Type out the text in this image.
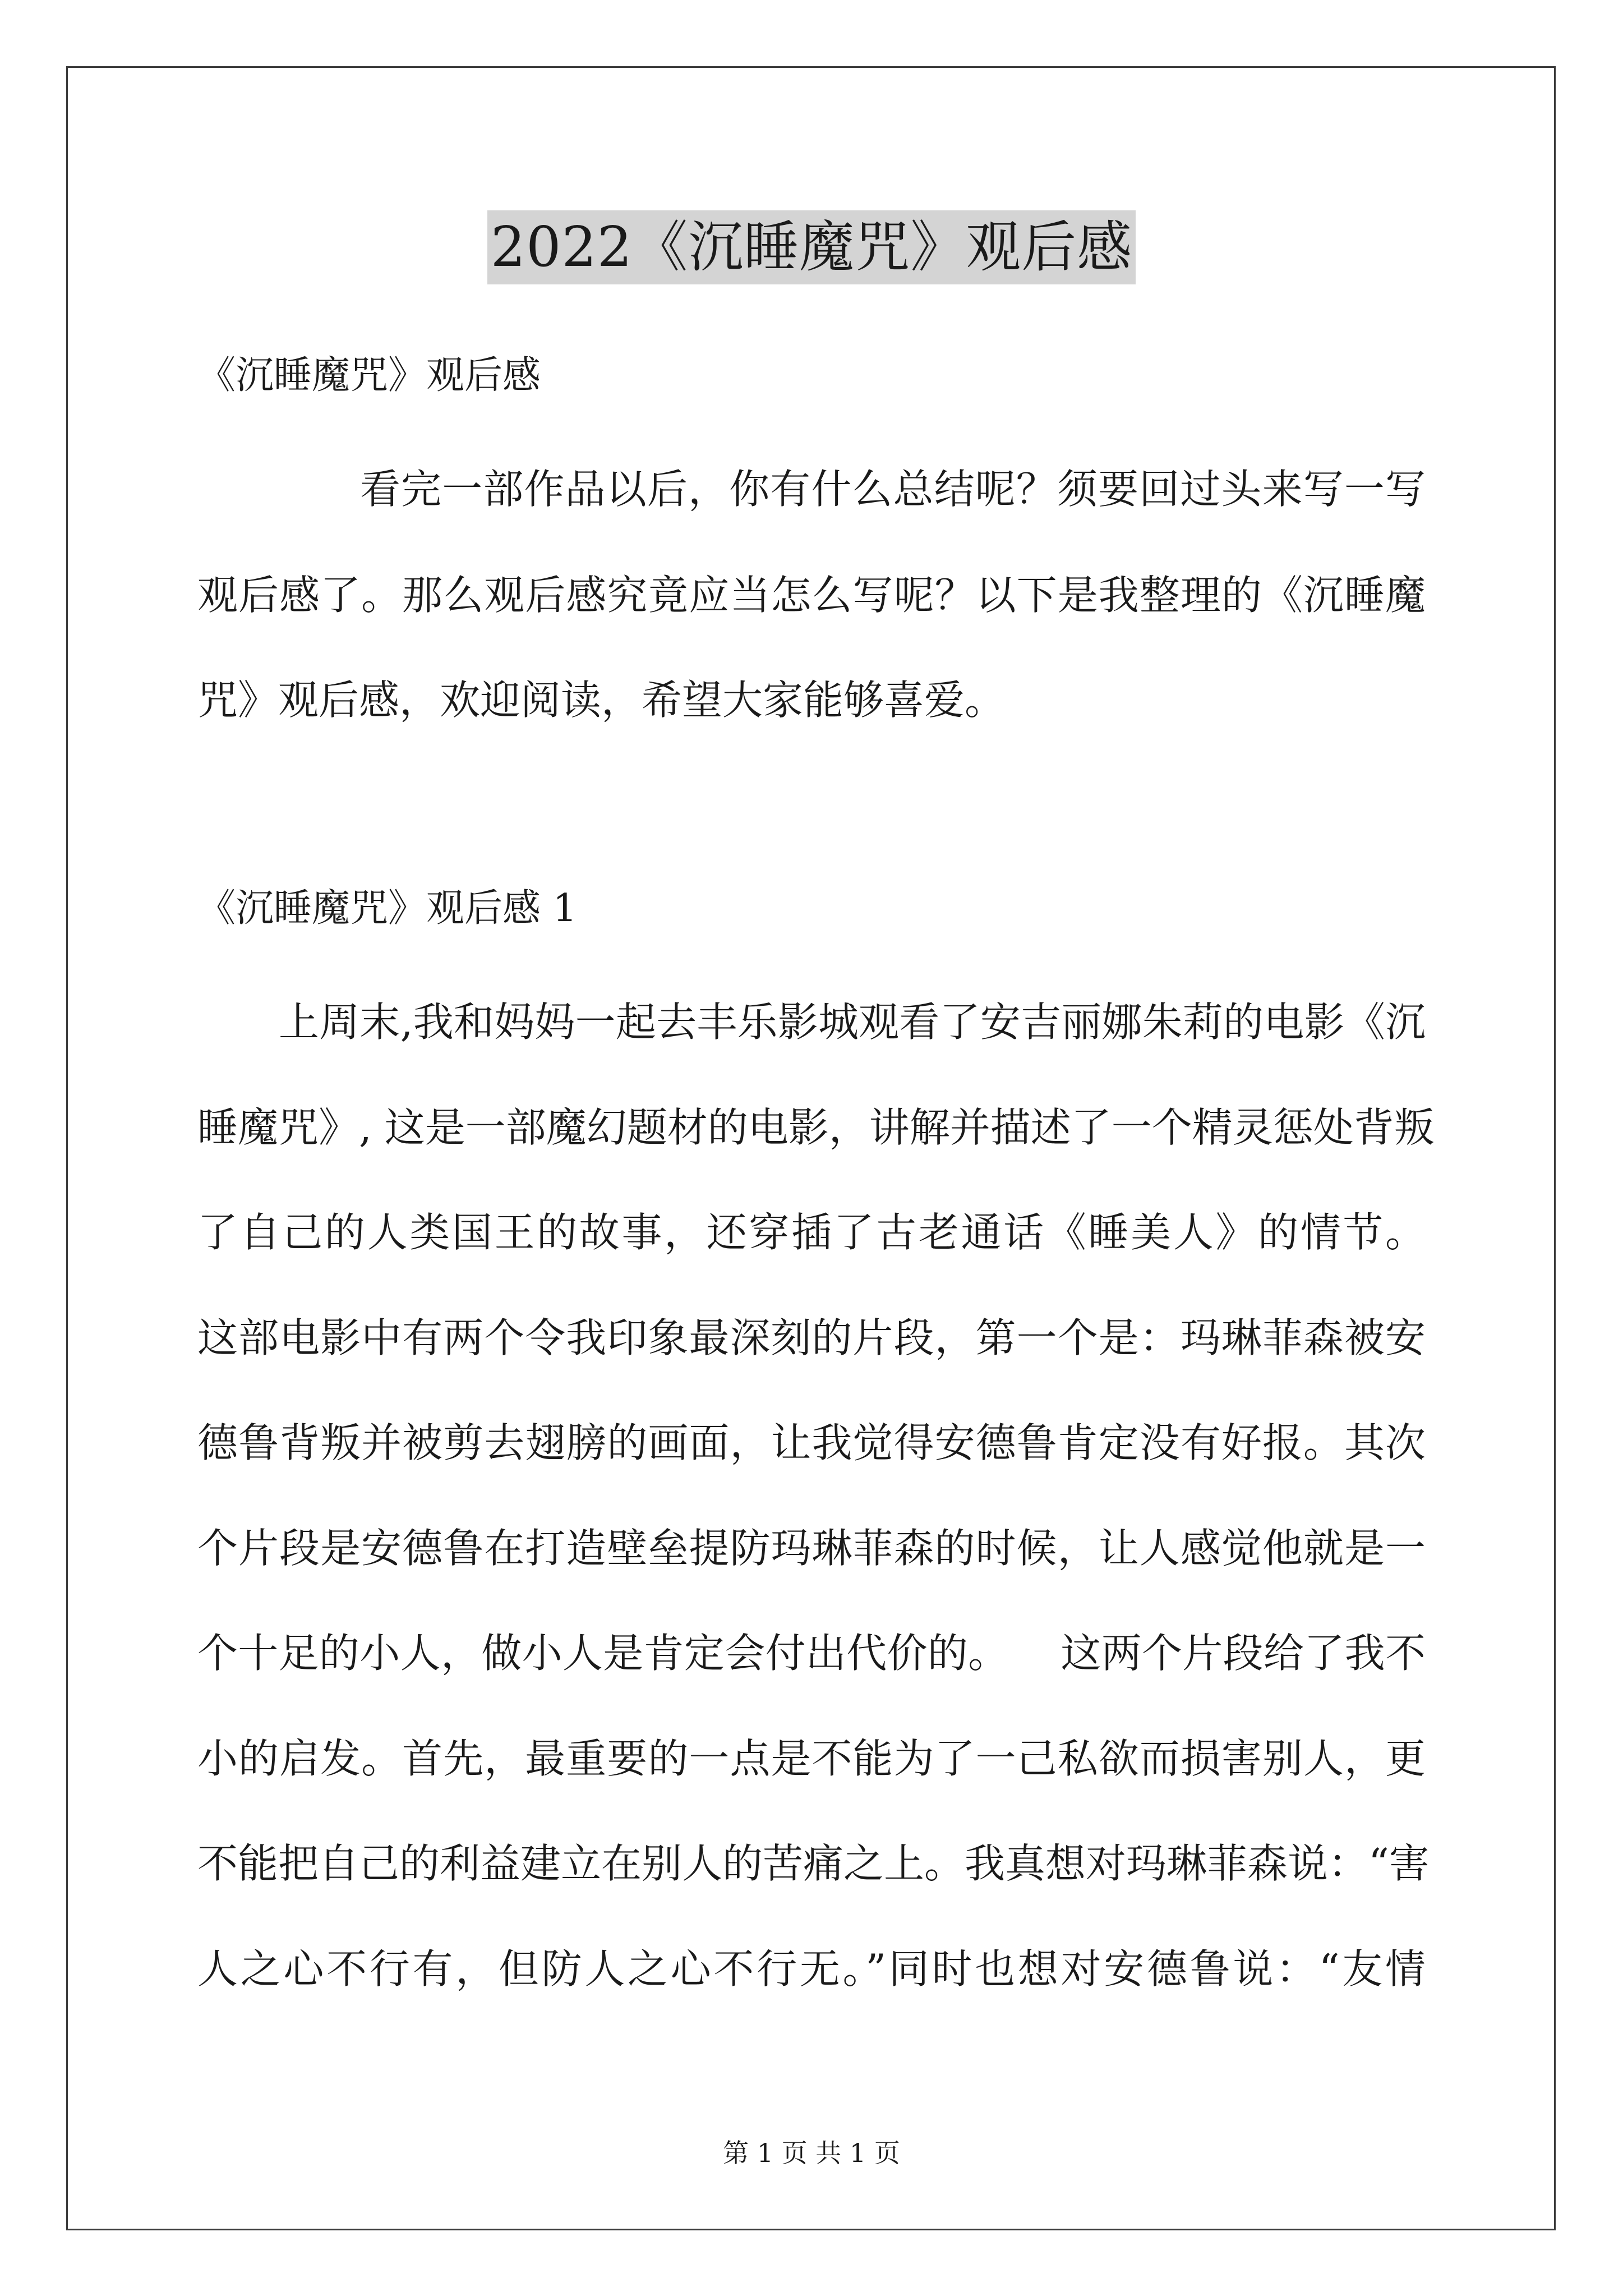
2022《沉睡魔咒》观后感
《沉睡魔咒》观后感
看完一部作品以后，你有什么总结呢？须要回过头来写一写
观后感了。那么观后感究竟应当怎么写呢？以下是我整理的《沉睡魔
咒》观后感，欢迎阅读，希望大家能够喜爱。
《沉睡魔咒》观后感 1
上周末,我和妈妈一起去丰乐影城观看了安吉丽娜朱莉的电影《沉
睡魔咒》, 这是一部魔幻题材的电影，讲解并描述了一个精灵惩处背叛
了自己的人类国王的故事，还穿插了古老通话《睡美人》的情节。
这部电影中有两个令我印象最深刻的片段，第一个是：玛琳菲森被安
德鲁背叛并被剪去翅膀的画面，让我觉得安德鲁肯定没有好报。其次
个片段是安德鲁在打造壁垒提防玛琳菲森的时候，让人感觉他就是一
个十足的小人，做小人是肯定会付出代价的。    这两个片段给了我不
小的启发。首先，最重要的一点是不能为了一己私欲而损害别人，更
不能把自己的利益建立在别人的苦痛之上。我真想对玛琳菲森说：“害
人之心不行有，但防人之心不行无。”同时也想对安德鲁说：“友情
第 1 页 共 1 页
